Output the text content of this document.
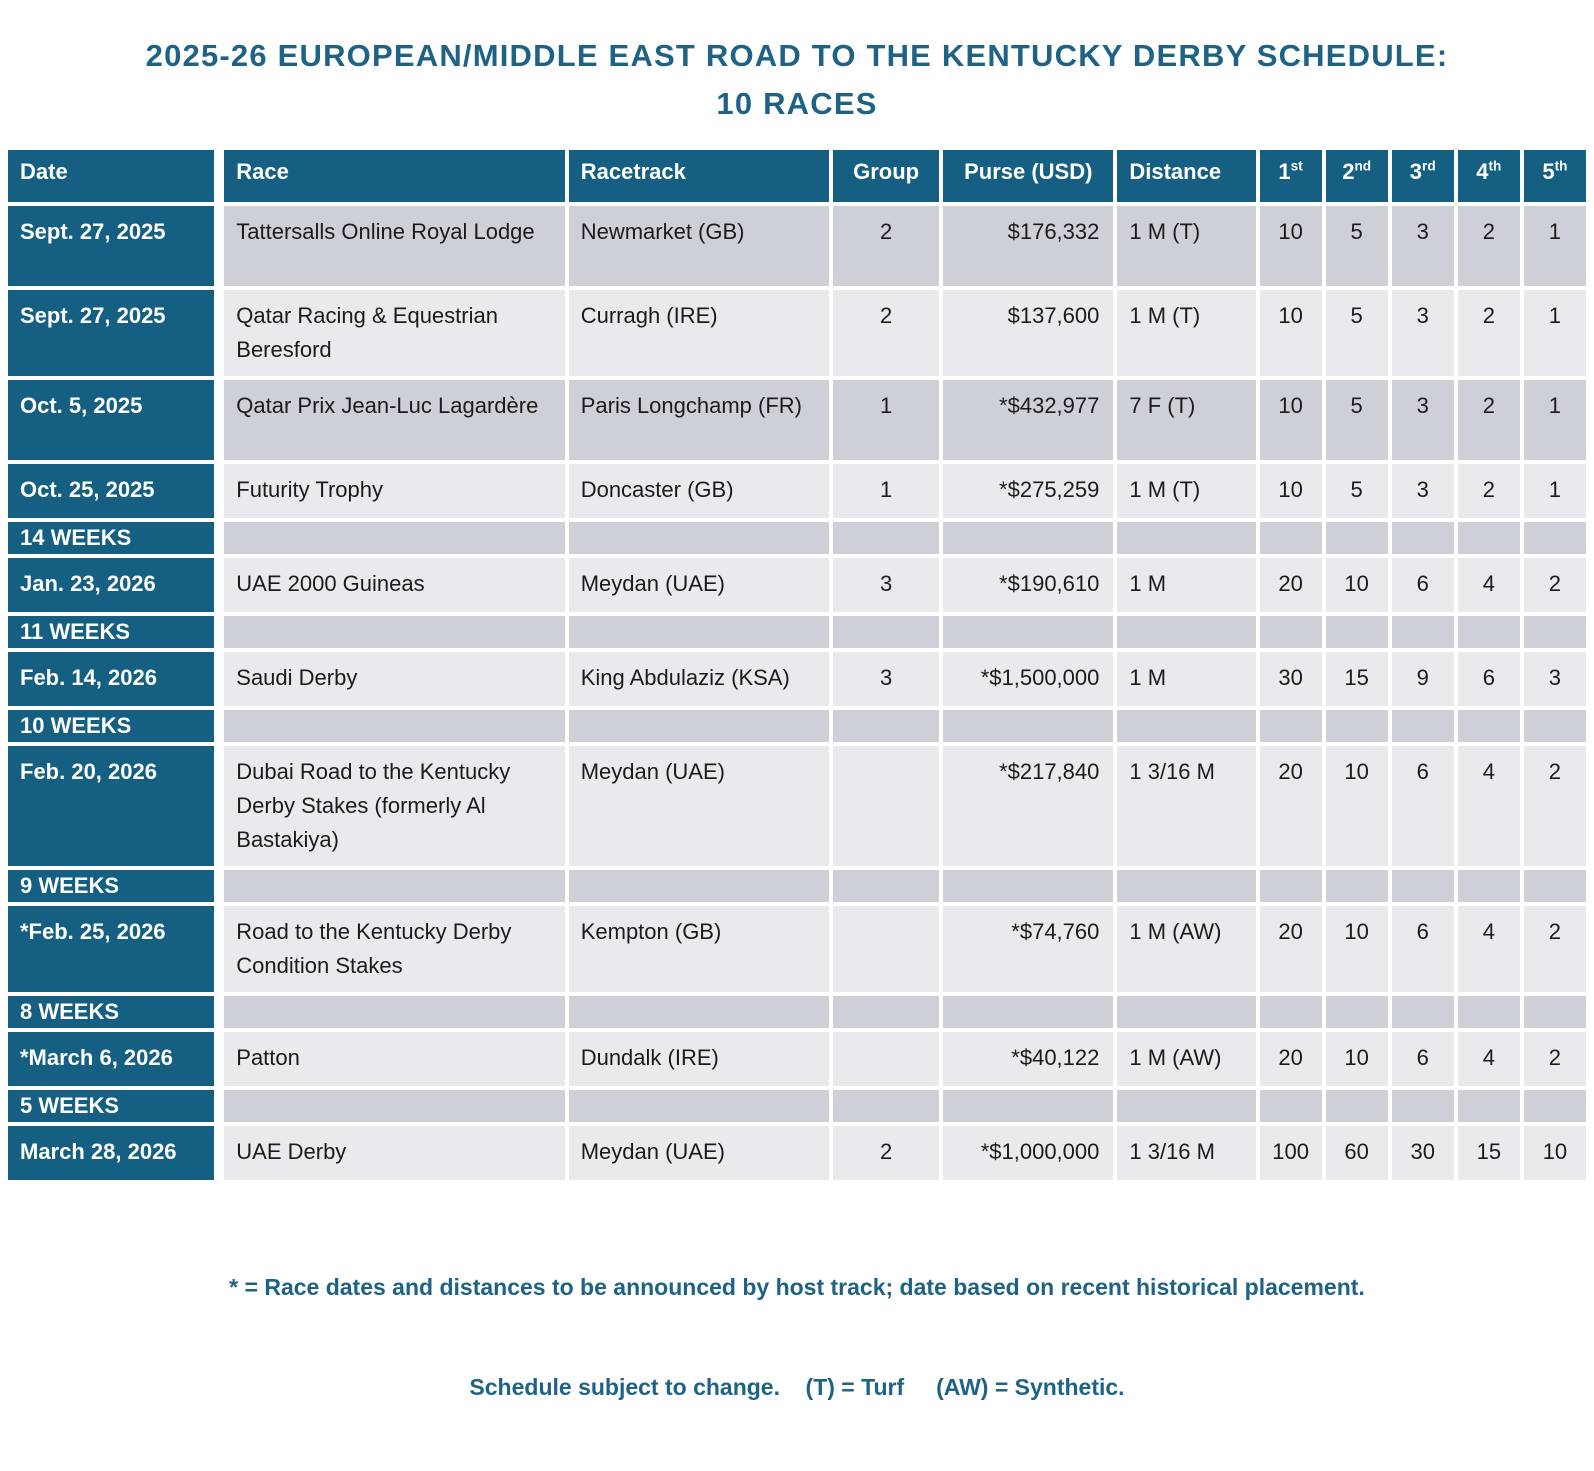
2025-26 EUROPEAN/MIDDLE EAST ROAD TO THE KENTUCKY DERBY SCHEDULE:
10 RACES
Date	Race	Racetrack	Group	Purse (USD)	Distance	1st	2nd	3rd	4th	5th
Sept. 27, 2025	Tattersalls Online Royal Lodge	Newmarket (GB)	2	$176,332	1 M (T)	10	5	3	2	1
Sept. 27, 2025	Qatar Racing & Equestrian Beresford	Curragh (IRE)	2	$137,600	1 M (T)	10	5	3	2	1
Oct. 5, 2025	Qatar Prix Jean-Luc Lagardère	Paris Longchamp (FR)	1	*$432,977	7 F (T)	10	5	3	2	1
Oct. 25, 2025	Futurity Trophy	Doncaster (GB)	1	*$275,259	1 M (T)	10	5	3	2	1
14 WEEKS										
Jan. 23, 2026	UAE 2000 Guineas	Meydan (UAE)	3	*$190,610	1 M	20	10	6	4	2
11 WEEKS										
Feb. 14, 2026	Saudi Derby	King Abdulaziz (KSA)	3	*$1,500,000	1 M	30	15	9	6	3
10 WEEKS										
Feb. 20, 2026	Dubai Road to the Kentucky Derby Stakes (formerly Al Bastakiya)	Meydan (UAE)		*$217,840	1 3/16 M	20	10	6	4	2
9 WEEKS										
*Feb. 25, 2026	Road to the Kentucky Derby Condition Stakes	Kempton (GB)		*$74,760	1 M (AW)	20	10	6	4	2
8 WEEKS										
*March 6, 2026	Patton	Dundalk (IRE)		*$40,122	1 M (AW)	20	10	6	4	2
5 WEEKS										
March 28, 2026	UAE Derby	Meydan (UAE)	2	*$1,000,000	1 3/16 M	100	60	30	15	10

* = Race dates and distances to be announced by host track; date based on recent historical placement.

Schedule subject to change.    (T) = Turf     (AW) = Synthetic.
